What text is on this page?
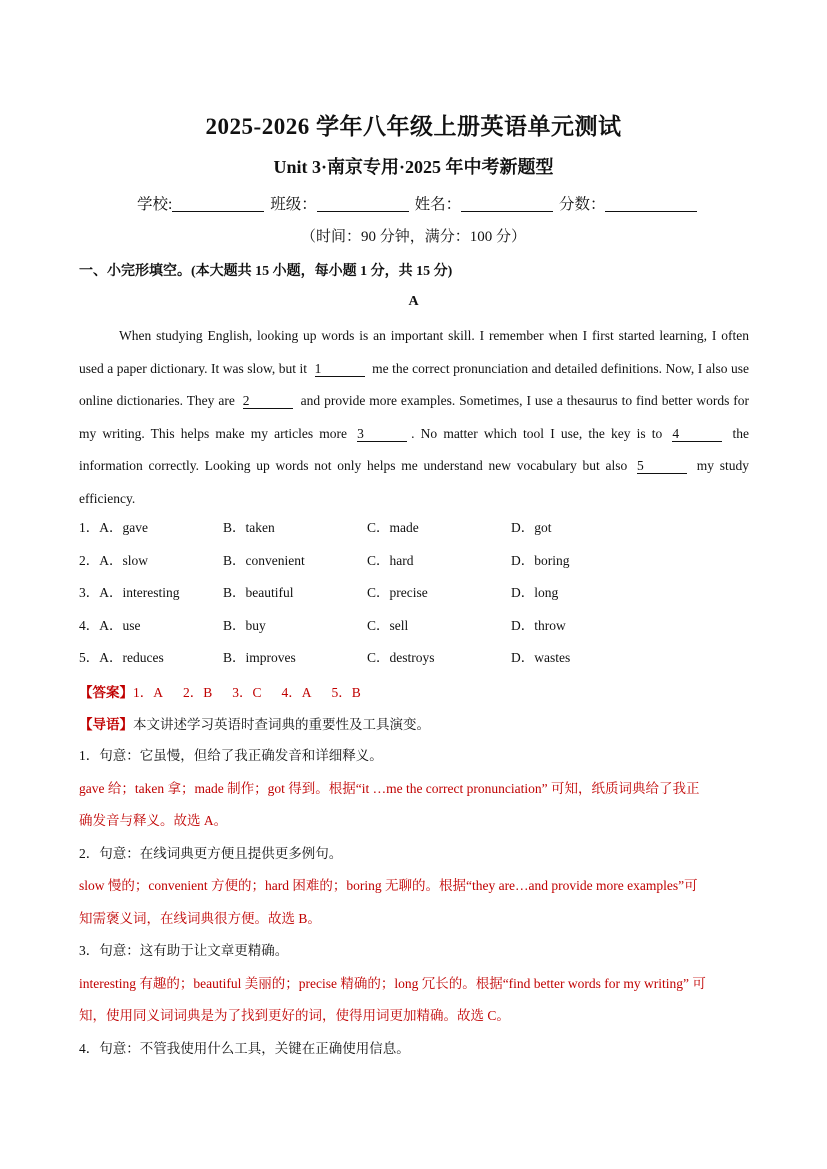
2025-2026 学年八年级上册英语单元测试
Unit 3·南京专用·2025 年中考新题型
学校:	班级：	姓名：	分数：
（时间：90 分钟，满分：100 分）
一、小完形填空。(本大题共 15 小题，每小题 1 分，共 15 分)
A
When studying English, looking up words is an important skill. I remember when I first started learning, I often used a paper dictionary. It was slow, but it 1	me the correct pronunciation and detailed definitions. Now, I also use online dictionaries. They are 2	and provide more examples. Sometimes, I use a thesaurus to find better words for my writing. This helps make my articles more 3	. No matter which tool I use, the key is to 4	the information correctly. Looking up words not only helps me understand new vocabulary but also 5	my study efficiency.
1．A．gave	B．taken	C．made	D．got
2．A．slow	B．convenient	C．hard	D．boring
3．A．interesting	B．beautiful	C．precise	D．long
4．A．use	B．buy	C．sell	D．throw
5．A．reduces	B．improves	C．destroys	D．wastes
【答案】1．A 2．B 3．C 4．A 5．B
【导语】本文讲述学习英语时查词典的重要性及工具演变。
1．句意：它虽慢，但给了我正确发音和详细释义。
gave 给；taken 拿；made 制作；got 得到。根据“it …me the correct pronunciation” 可知，纸质词典给了我正
确发音与释义。故选 A。
2．句意：在线词典更方便且提供更多例句。
slow 慢的；convenient 方便的；hard 困难的；boring 无聊的。根据“they are…and provide more examples”可
知需褒义词，在线词典很方便。故选 B。
3．句意：这有助于让文章更精确。
interesting 有趣的；beautiful 美丽的；precise 精确的；long 冗长的。根据“find better words for my writing” 可
知，使用同义词词典是为了找到更好的词，使得用词更加精确。故选 C。
4．句意：不管我使用什么工具，关键在正确使用信息。
